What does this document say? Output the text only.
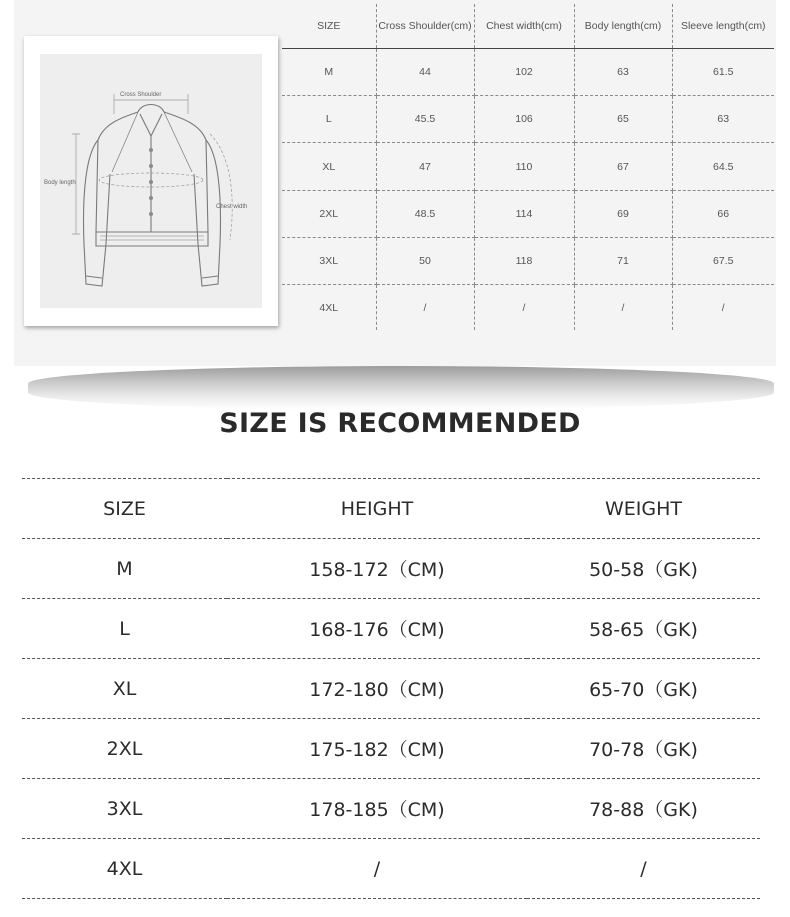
Cross Shoulder
Body length
Chest width
SIZE	Cross Shoulder(cm)	Chest width(cm)	Body length(cm)	Sleeve length(cm)
M	44	102	63	61.5
L	45.5	106	65	63
XL	47	110	67	64.5
2XL	48.5	114	69	66
3XL	50	118	71	67.5
4XL	/	/	/	/
SIZE IS RECOMMENDED
SIZE	HEIGHT	WEIGHT
M	158-172（CM)	50-58（GK)
L	168-176（CM)	58-65（GK)
XL	172-180（CM)	65-70（GK)
2XL	175-182（CM)	70-78（GK)
3XL	178-185（CM)	78-88（GK)
4XL	/	/
